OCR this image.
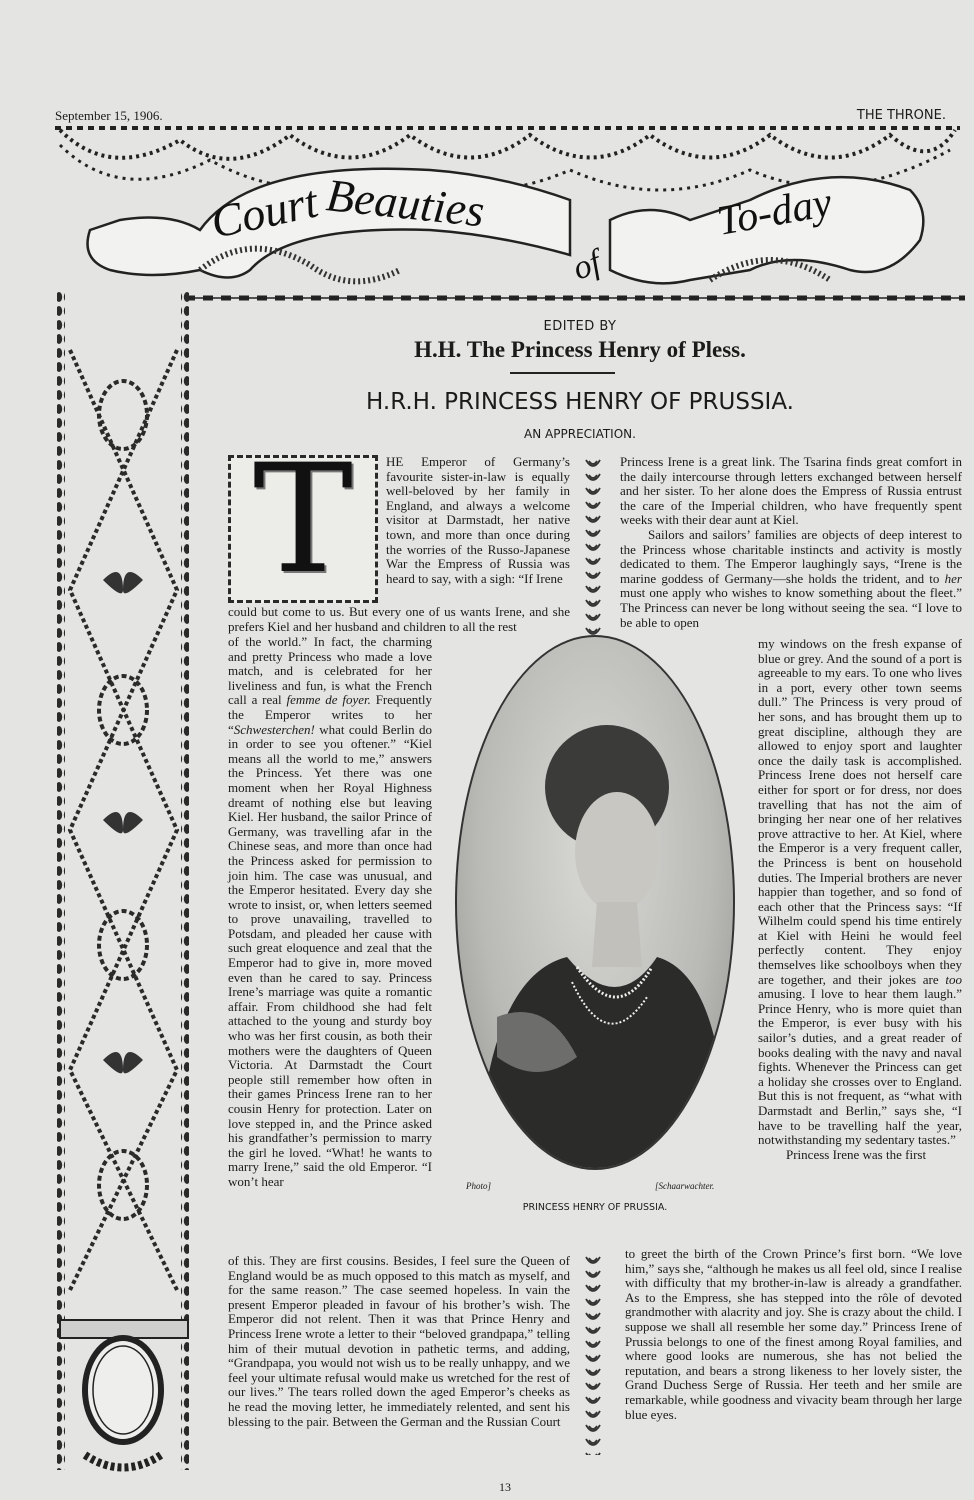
September 15, 1906.	THE THRONE.
Court Beauties
of
To-day
EDITED BY
H.H. The Princess Henry of Pless.
H.R.H. PRINCESS HENRY OF PRUSSIA.
AN APPRECIATION.
T	HE Emperor of Germany’s favourite sister-in-law is equally well-beloved by her family in England, and always a welcome visitor at Darmstadt, her native town, and more than once during the worries of the Russo-Japanese War the Empress of Russia was heard to say, with a sigh: “If Irene
could but come to us. But every one of us wants Irene, and she prefers Kiel and her husband and children to all the rest
of the world.” In fact, the charming and pretty Princess who made a love match, and is celebrated for her liveliness and fun, is what the French call a real femme de foyer. Frequently the Emperor writes to her “Schwesterchen! what could Berlin do in order to see you oftener.” “Kiel means all the world to me,” answers the Princess. Yet there was one moment when her Royal Highness dreamt of nothing else but leaving Kiel. Her husband, the sailor Prince of Germany, was travelling afar in the Chinese seas, and more than once had the Princess asked for permission to join him. The case was unusual, and the Emperor hesitated. Every day she wrote to insist, or, when letters seemed to prove unavailing, travelled to Potsdam, and pleaded her cause with such great eloquence and zeal that the Emperor had to give in, more moved even than he cared to say. Princess Irene’s marriage was quite a romantic affair. From childhood she had felt attached to the young and sturdy boy who was her first cousin, as both their mothers were the daughters of Queen Victoria. At Darmstadt the Court people still remember how often in their games Princess Irene ran to her cousin Henry for protection. Later on love stepped in, and the Prince asked his grandfather’s permission to marry the girl he loved. “What! he wants to marry Irene,” said the old Emperor. “I won’t hear
of this. They are first cousins. Besides, I feel sure the Queen of England would be as much opposed to this match as myself, and for the same reason.” The case seemed hopeless. In vain the present Emperor pleaded in favour of his brother’s wish. The Emperor did not relent. Then it was that Prince Henry and Princess Irene wrote a letter to their “beloved grandpapa,” telling him of their mutual devotion in pathetic terms, and adding, “Grandpapa, you would not wish us to be really unhappy, and we feel your ultimate refusal would make us wretched for the rest of our lives.” The tears rolled down the aged Emperor’s cheeks as he read the moving letter, he immediately relented, and sent his blessing to the pair. Between the German and the Russian Court

Princess Irene is a great link. The Tsarina finds great comfort in the daily intercourse through letters exchanged between herself and her sister. To her alone does the Empress of Russia entrust the care of the Imperial children, who have frequently spent weeks with their dear aunt at Kiel.

Sailors and sailors’ families are objects of deep interest to the Princess whose charitable instincts and activity is mostly dedicated to them. The Emperor laughingly says, “Irene is the marine goddess of Germany—she holds the trident, and to her must one apply who wishes to know something about the fleet.” The Princess can never be long without seeing the sea. “I love to be able to open

my windows on the fresh expanse of blue or grey. And the sound of a port is agreeable to my ears. To one who lives in a port, every other town seems dull.” The Princess is very proud of her sons, and has brought them up to great discipline, although they are allowed to enjoy sport and laughter once the daily task is accomplished. Princess Irene does not herself care either for sport or for dress, nor does travelling that has not the aim of bringing her near one of her relatives prove attractive to her. At Kiel, where the Emperor is a very frequent caller, the Princess is bent on household duties. The Imperial brothers are never happier than together, and so fond of each other that the Princess says: “If Wilhelm could spend his time entirely at Kiel with Heini he would feel perfectly content. They enjoy themselves like schoolboys when they are together, and their jokes are too amusing. I love to hear them laugh.” Prince Henry, who is more quiet than the Emperor, is ever busy with his sailor’s duties, and a great reader of books dealing with the navy and naval fights. Whenever the Princess can get a holiday she crosses over to England. But this is not frequent, as “what with Darmstadt and Berlin,” says she, “I have to be travelling half the year, notwithstanding my sedentary tastes.”

Princess Irene was the first

to greet the birth of the Crown Prince’s first born. “We love him,” says she, “although he makes us all feel old, since I realise with difficulty that my brother-in-law is already a grandfather. As to the Empress, she has stepped into the rôle of devoted grandmother with alacrity and joy. She is crazy about the child. I suppose we shall all resemble her some day.” Princess Irene of Prussia belongs to one of the finest among Royal families, and where good looks are numerous, she has not belied the reputation, and bears a strong likeness to her lovely sister, the Grand Duchess Serge of Russia. Her teeth and her smile are remarkable, while goodness and vivacity beam through her large blue eyes.
Photo]	[Schaarwachter.
PRINCESS HENRY OF PRUSSIA.
13
